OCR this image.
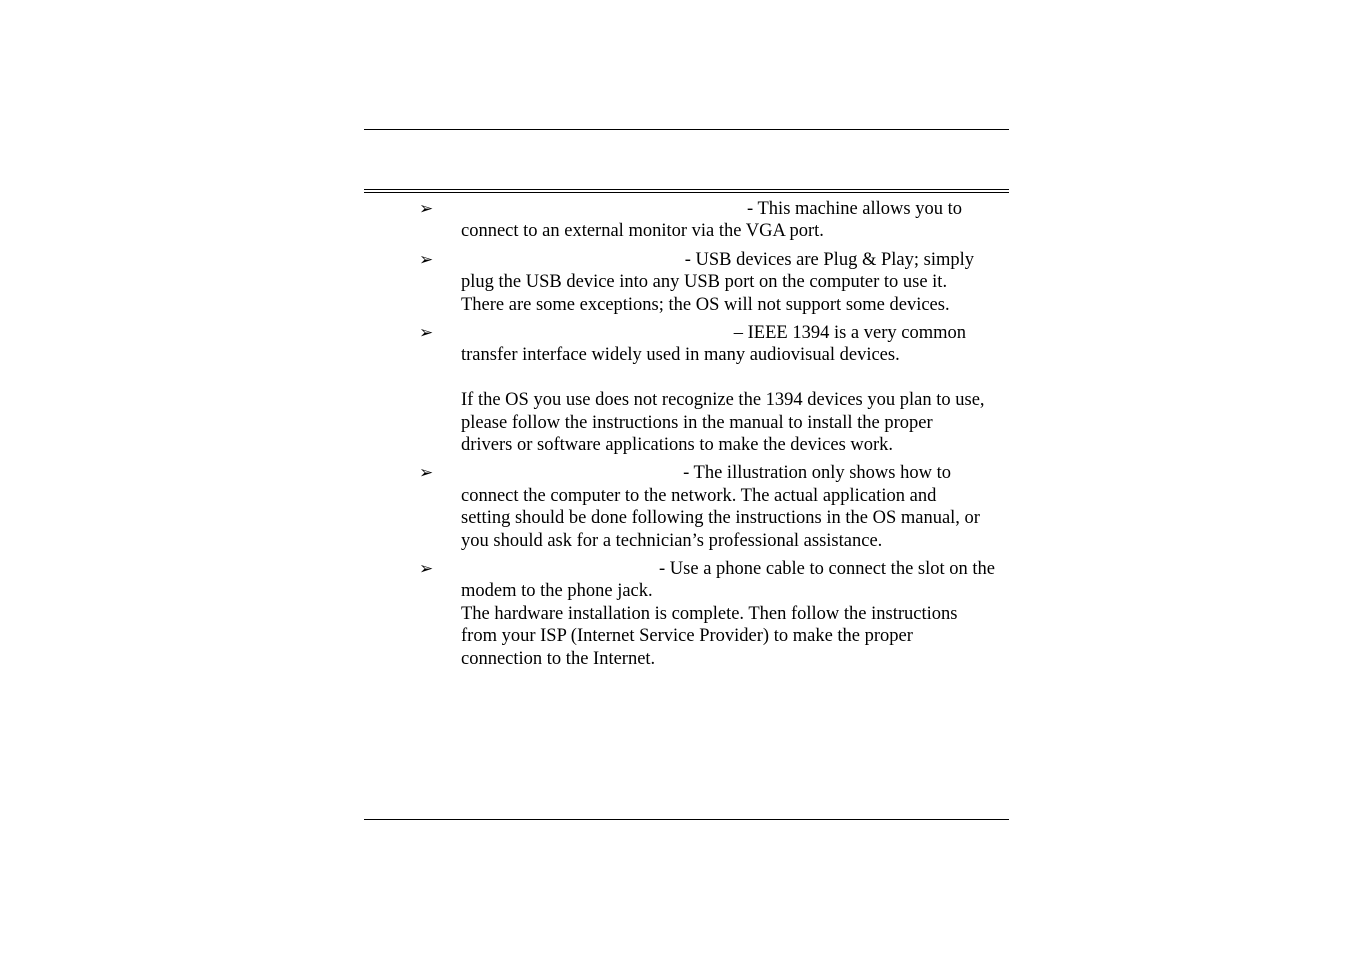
➢	- This machine allows you to
connect to an external monitor via the VGA port.
➢	- USB devices are Plug & Play; simply
plug the USB device into any USB port on the computer to use it.
There are some exceptions; the OS will not support some devices.
➢	– IEEE 1394 is a very common
transfer interface widely used in many audiovisual devices.
If the OS you use does not recognize the 1394 devices you plan to use,
please follow the instructions in the manual to install the proper
drivers or software applications to make the devices work.
➢	- The illustration only shows how to
connect the computer to the network. The actual application and
setting should be done following the instructions in the OS manual, or
you should ask for a technician’s professional assistance.
➢	- Use a phone cable to connect the slot on the
modem to the phone jack.
The hardware installation is complete. Then follow the instructions
from your ISP (Internet Service Provider) to make the proper
connection to the Internet.
